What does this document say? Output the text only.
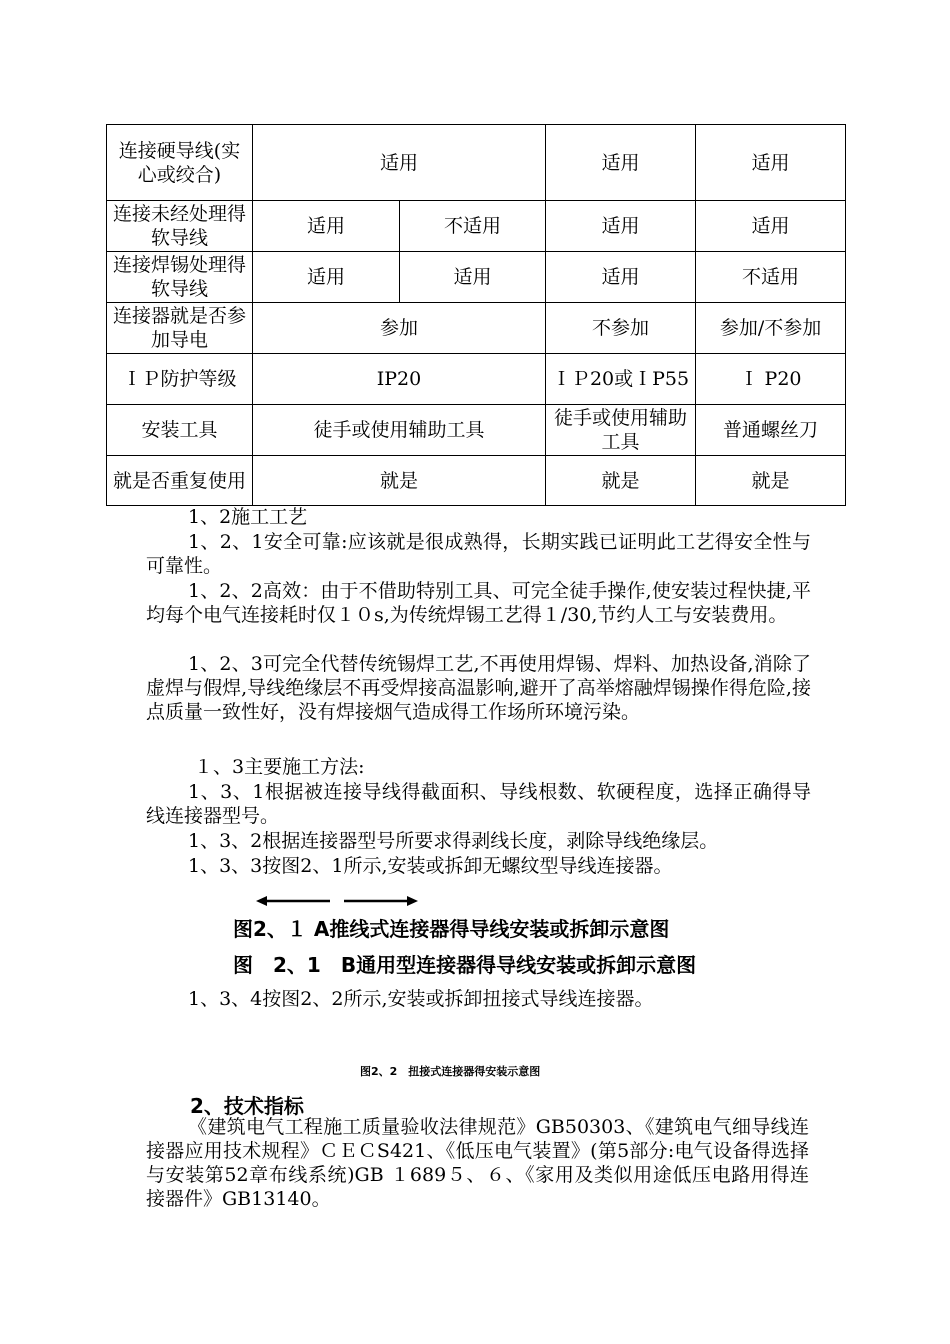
连接硬导线(实心或绞合)	适用		适用	适用
连接未经处理得软导线	适用	不适用	适用	适用
连接焊锡处理得软导线	适用	适用	适用	不适用
连接器就是否参加导电	参加		不参加	参加/不参加
ＩＰ防护等级	IP20		ＩＰ20或ＩP55	Ｉ P20
安装工具	徒手或使用辅助工具		徒手或使用辅助工具	普通螺丝刀
就是否重复使用	就是		就是	就是
1、2施工工艺

1、2、1安全可靠:应该就是很成熟得，长期实践已证明此工艺得安全性与可靠性。

1、2、2高效：由于不借助特别工具、可完全徒手操作,使安装过程快捷,平均每个电气连接耗时仅１０s,为传统焊锡工艺得１/30,节约人工与安装费用。

1、2、3可完全代替传统锡焊工艺,不再使用焊锡、焊料、加热设备,消除了虚焊与假焊,导线绝缘层不再受焊接高温影响,避开了高举熔融焊锡操作得危险,接点质量一致性好，没有焊接烟气造成得工作场所环境污染。

１、3主要施工方法:

1、3、1根据被连接导线得截面积、导线根数、软硬程度，选择正确得导线连接器型号。

1、3、2根据连接器型号所要求得剥线长度，剥除导线绝缘层。
1、3、3按图2、1所示,安装或拆卸无螺纹型导线连接器。
图2、１ A推线式连接器得导线安装或拆卸示意图
图　2、1　B通用型连接器得导线安装或拆卸示意图
1、3、4按图2、2所示,安装或拆卸扭接式导线连接器。
图2、2　扭接式连接器得安装示意图
2、技术指标

《建筑电气工程施工质量验收法律规范》GB50303、《建筑电气细导线连接器应用技术规程》ＣＥＣS421、《低压电气装置》(第5部分:电气设备得选择与安装第52章布线系统)GB １689５、６、《家用及类似用途低压电路用得连接器件》GB13140。
